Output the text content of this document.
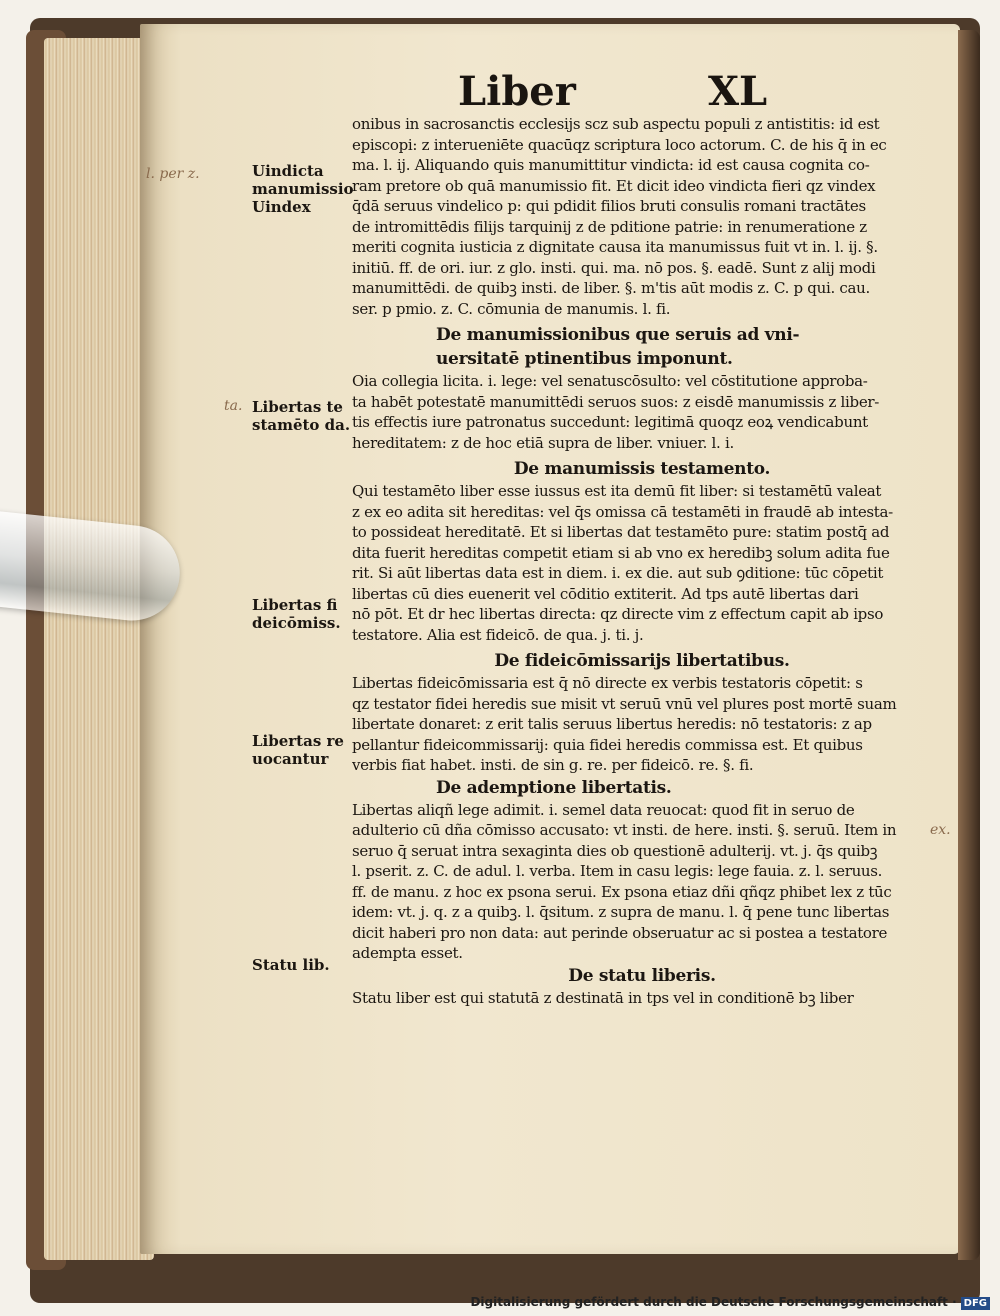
Liber	XL
l. per z.
ta.
ex.
Uindicta
manumissio
Uindex
Libertas te
stamēto da.
Libertas fi
deicōmiss.
Libertas re
uocantur
Statu lib.
onibus in sacrosanctis ecclesijs scz sub aspectu populi z antistitis: id est
episcopi: z interueniēte quacūqz scriptura loco actorum. C. de his q̄ in ec
ma. l. ij. Aliquando quis manumittitur vindicta: id est causa cognita co-
ram pretore ob quā manumissio fit. Et dicit ideo vindicta fieri qz vindex
q̄dā seruus vindelico p: qui pdidit filios bruti consulis romani tractātes
de intromittēdis filijs tarquinij z de pditione patrie: in renumeratione z
meriti cognita iusticia z dignitate causa ita manumissus fuit vt in. l. ij. §.
initiū. ff. de ori. iur. z glo. insti. qui. ma. nō pos. §. eadē. Sunt z alij modi
manumittēdi. de quibꝫ insti. de liber. §. m'tis aūt modis z. C. p qui. cau.
ser. p pmio. z. C. cōmunia de manumis. l. fi.
De manumissionibus que seruis ad vni-
uersitatē ptinentibus imponunt.
Oia collegia licita. i. lege: vel senatuscōsulto: vel cōstitutione approba-
ta habēt potestatē manumittēdi seruos suos: z eisdē manumissis z liber-
tis effectis iure patronatus succedunt: legitimā quoqz eoꝝ vendicabunt
hereditatem: z de hoc etiā supra de liber. vniuer. l. i.
De manumissis testamento.
Qui testamēto liber esse iussus est ita demū fit liber: si testamētū valeat
z ex eo adita sit hereditas: vel q̄s omissa cā testamēti in fraudē ab intesta-
to possideat hereditatē. Et si libertas dat testamēto pure: statim postq̄ ad
dita fuerit hereditas competit etiam si ab vno ex heredibꝫ solum adita fue
rit. Si aūt libertas data est in diem. i. ex die. aut sub ꝯditione: tūc cōpetit
libertas cū dies euenerit vel cōditio extiterit. Ad tps autē libertas dari
nō pōt. Et dr hec libertas directa: qz directe vim z effectum capit ab ipso
testatore. Alia est fideicō. de qua. j. ti. j.
De fideicōmissarijs libertatibus.
Libertas fideicōmissaria est q̄ nō directe ex verbis testatoris cōpetit: s
qz testator fidei heredis sue misit vt seruū vnū vel plures post mortē suam
libertate donaret: z erit talis seruus libertus heredis: nō testatoris: z ap
pellantur fideicommissarij: quia fidei heredis commissa est. Et quibus
verbis fiat habet. insti. de sin g. re. per fideicō. re. §. fi.
De ademptione libertatis.
Libertas aliqñ lege adimit. i. semel data reuocat: quod fit in seruo de
adulterio cū dña cōmisso accusato: vt insti. de here. insti. §. seruū. Item in
seruo q̄ seruat intra sexaginta dies ob questionē adulterij. vt. j. q̄s quibꝫ
l. pserit. z. C. de adul. l. verba. Item in casu legis: lege fauia. z. l. seruus.
ff. de manu. z hoc ex psona serui. Ex psona etiaz dñi qñqz phibet lex z tūc
idem: vt. j. q. z a quibꝫ. l. q̄situm. z supra de manu. l. q̄ pene tunc libertas
dicit haberi pro non data: aut perinde obseruatur ac si postea a testatore
adempta esset.
De statu liberis.
Statu liber est qui statutā z destinatā in tps vel in conditionē bꝫ liber
Digitalisierung gefördert durch die Deutsche Forschungsgemeinschaft · DFG
